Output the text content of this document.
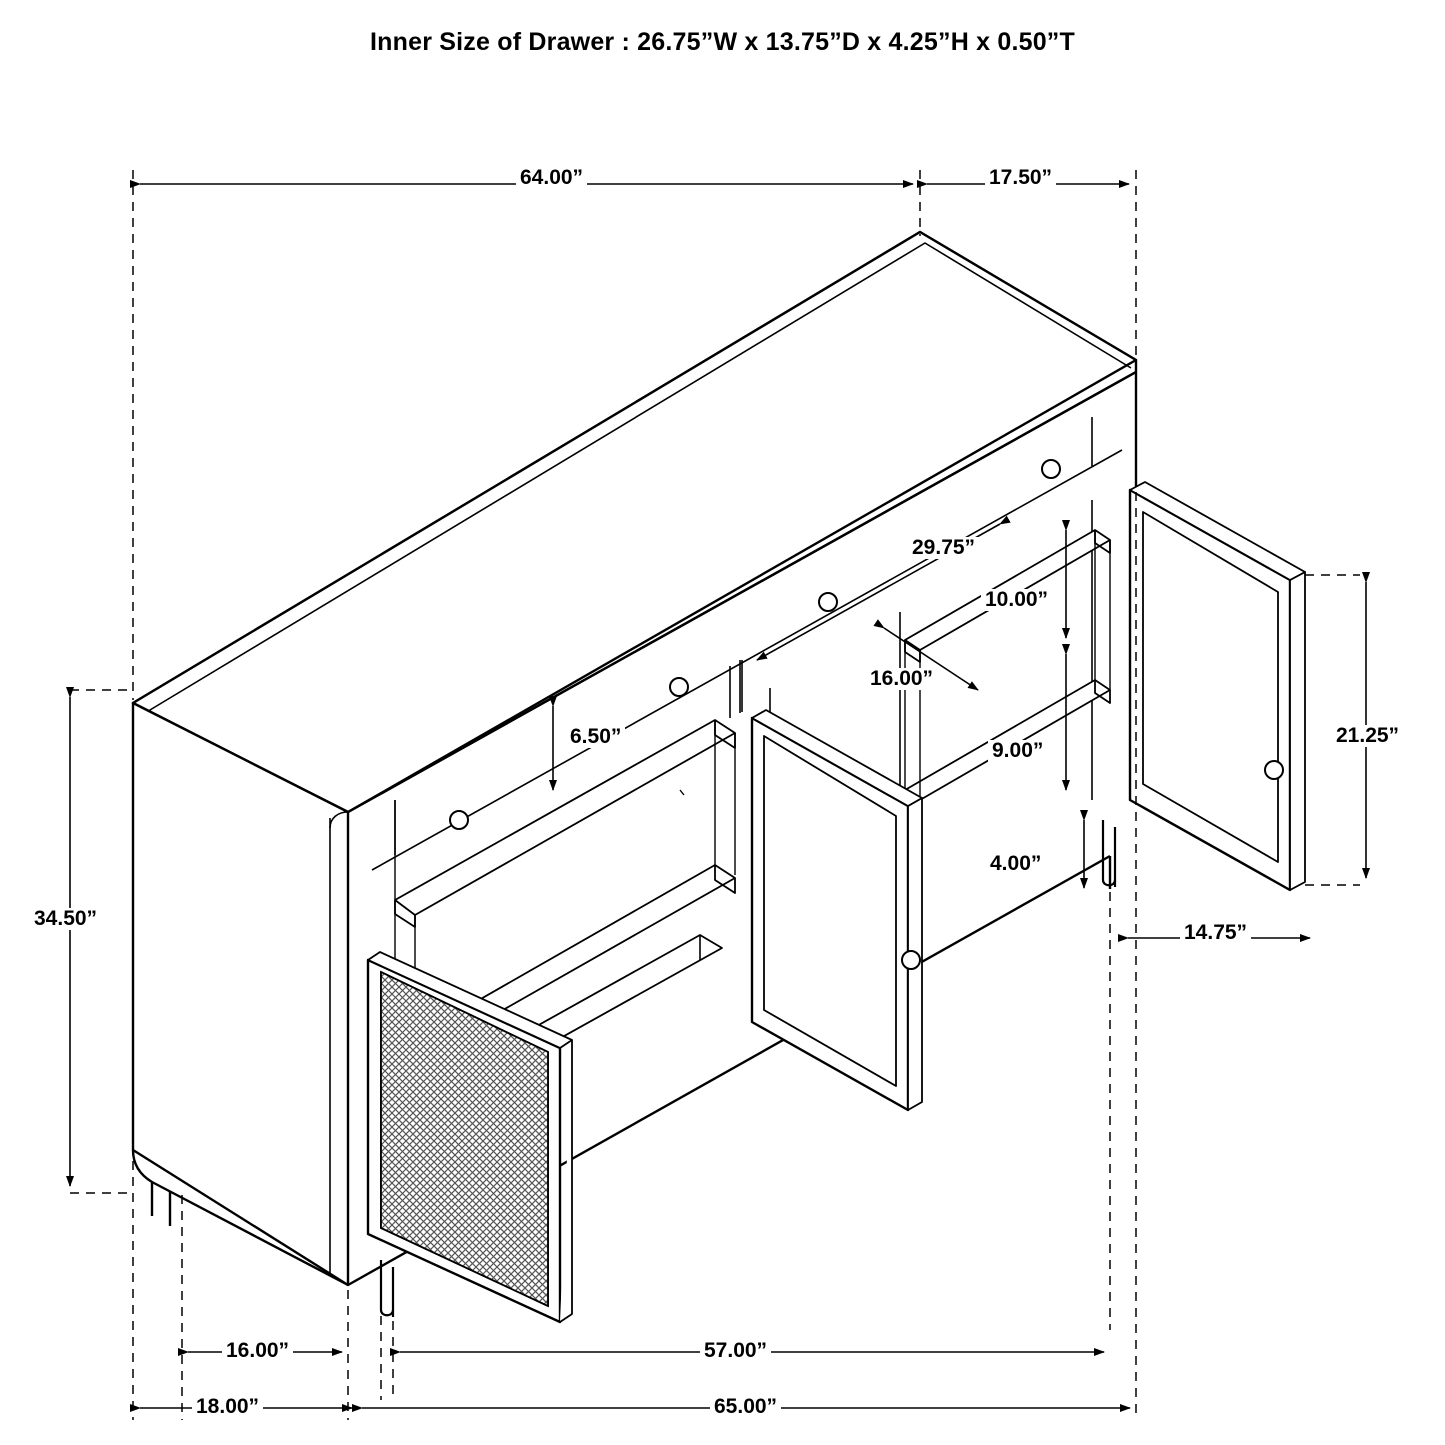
Inner Size of Drawer : 26.75”W x 13.75”D x 4.25”H x 0.50”T
64.00”	17.50”
29.75”
10.00”
16.00”
9.00”
6.50”
4.00”
21.25”
14.75”
34.50”
16.00”	57.00”
18.00”	65.00”
